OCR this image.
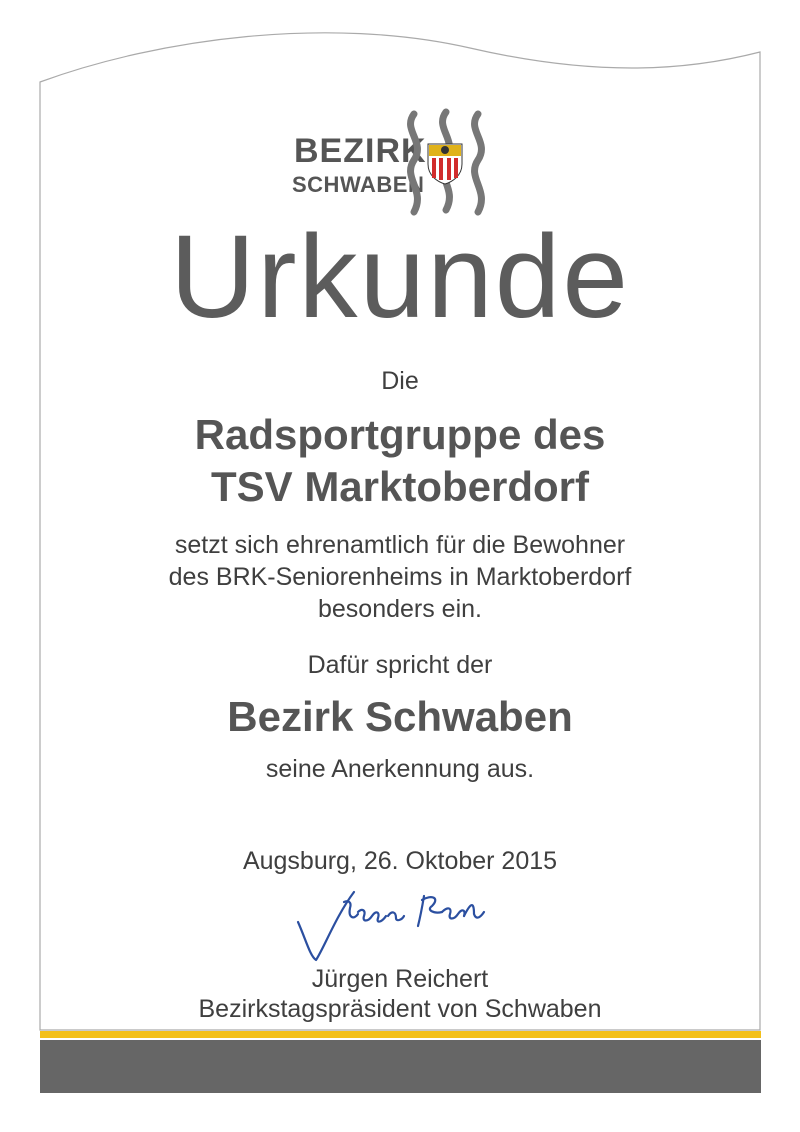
BEZIRK
SCHWABEN
Urkunde

Die

Radsportgruppe des

TSV Marktoberdorf

setzt sich ehrenamtlich für die Bewohner

des BRK-Seniorenheims in Marktoberdorf

besonders ein.

Dafür spricht der

Bezirk Schwaben

seine Anerkennung aus.

Augsburg, 26. Oktober 2015

Jürgen Reichert

Bezirkstagspräsident von Schwaben
